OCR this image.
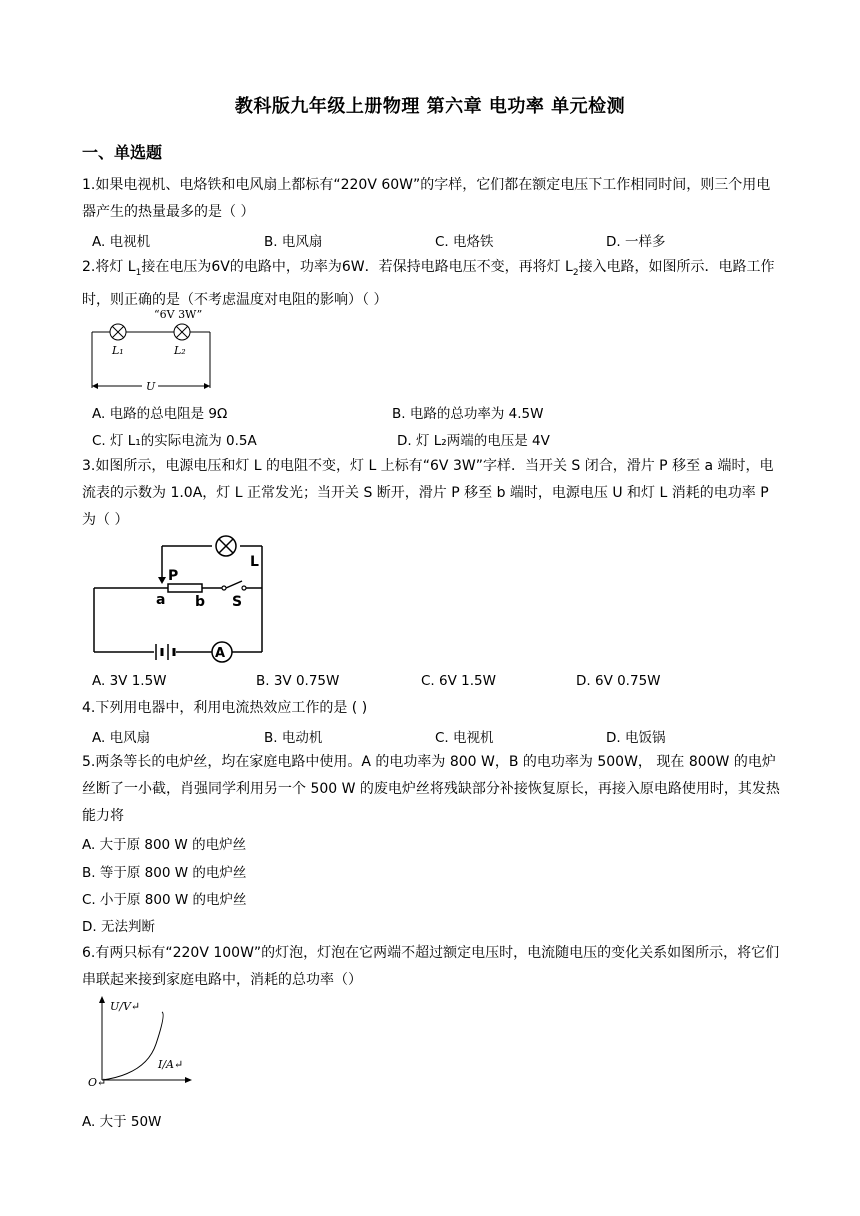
教科版九年级上册物理 第六章 电功率 单元检测
一、单选题
1.如果电视机、电烙铁和电风扇上都标有“220V 60W”的字样，它们都在额定电压下工作相同时间，则三个用电器产生的热量最多的是（ ）
A. 电视机	B. 电风扇	C. 电烙铁	D. 一样多
2.将灯 $L_1$接在电压为6V的电路中，功率为6W．若保持电路电压不变，再将灯 $L_2$接入电路，如图所示．电路工作时，则正确的是（不考虑温度对电阻的影响）（ ）
“6V 3W”
L₁	L₂
U
A. 电路的总电阻是 9Ω	B. 电路的总功率为 4.5W
C. 灯 L₁的实际电流为 0.5A	D. 灯 L₂两端的电压是 4V
3.如图所示，电源电压和灯 L 的电阻不变，灯 L 上标有“6V 3W”字样．当开关 S 闭合，滑片 P 移至 a 端时，电流表的示数为 1.0A，灯 L 正常发光；当开关 S 断开，滑片 P 移至 b 端时，电源电压 U 和灯 L 消耗的电功率 P 为（ ）
L
P
a b S
A
A. 3V 1.5W	B. 3V 0.75W	C. 6V 1.5W	D. 6V 0.75W
4.下列用电器中，利用电流热效应工作的是 ( )
A. 电风扇	B. 电动机	C. 电视机	D. 电饭锅
5.两条等长的电炉丝，均在家庭电路中使用。A 的电功率为 800 W，B 的电功率为 500W， 现在 800W 的电炉丝断了一小截，肖强同学利用另一个 500 W 的废电炉丝将残缺部分补接恢复原长，再接入原电路使用时，其发热能力将
A. 大于原 800 W 的电炉丝
B. 等于原 800 W 的电炉丝
C. 小于原 800 W 的电炉丝
D. 无法判断
6.有两只标有“220V 100W”的灯泡，灯泡在它两端不超过额定电压时，电流随电压的变化关系如图所示，将它们串联起来接到家庭电路中，消耗的总功率（）
U/V↵
I/A↵
O↵
A. 大于 50W
